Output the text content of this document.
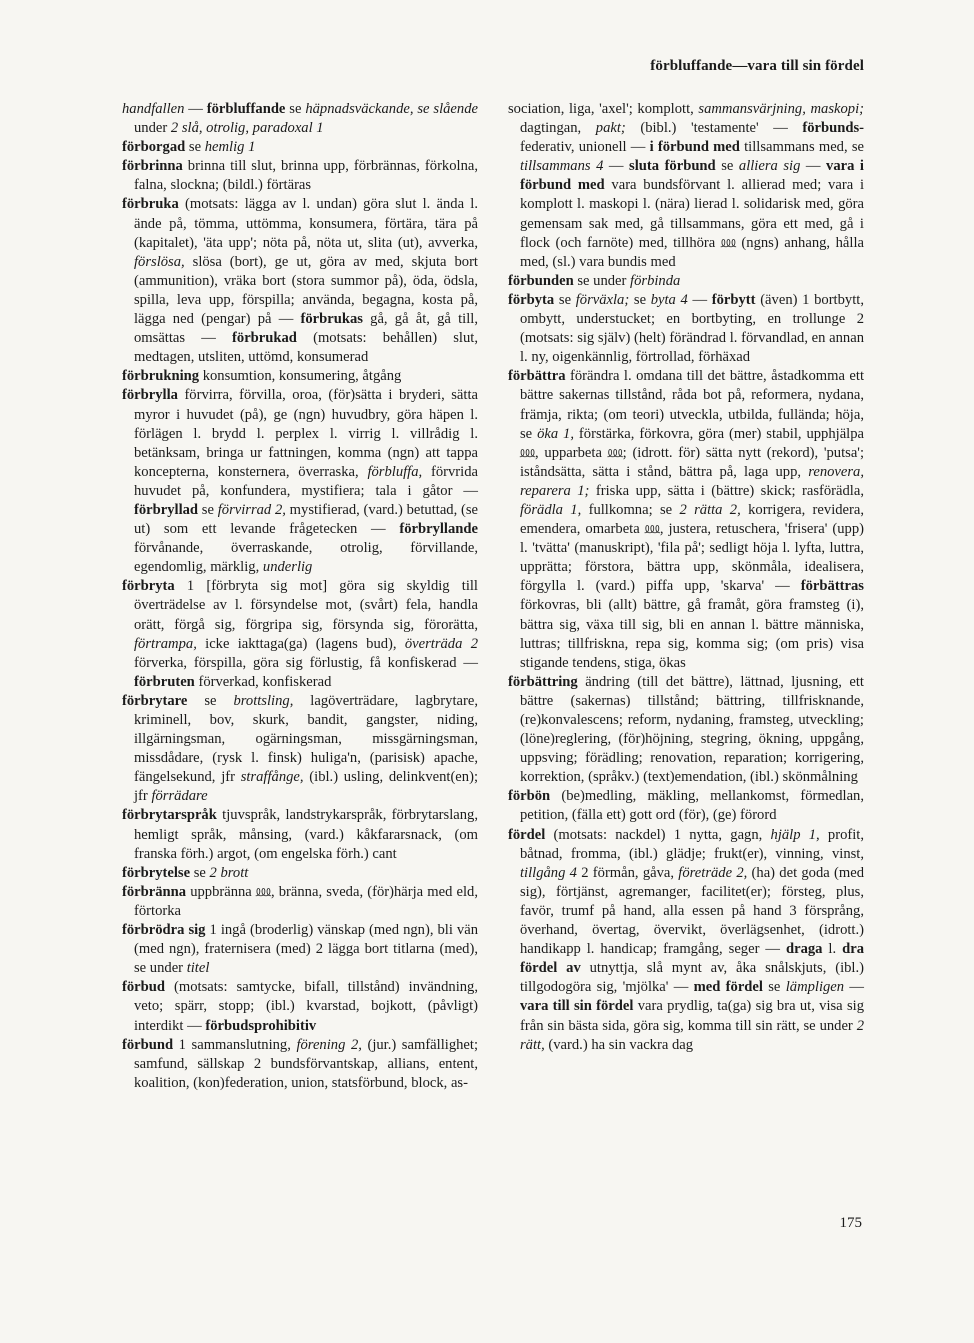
förbluffande—vara till sin fördel

handfallen — förbluffande se häpnadsväckande, se slående under 2 slå, otrolig, paradoxal 1

förborgad se hemlig 1

förbrinna brinna till slut, brinna upp, förbrännas, förkolna, falna, slockna; (bildl.) förtäras

förbruka (motsats: lägga av l. undan) göra slut l. ända l. ände på, tömma, uttömma, konsumera, förtära, tära på (kapitalet), 'äta upp'; nöta på, nöta ut, slita (ut), avverka, förslösa, slösa (bort), ge ut, göra av med, skjuta bort (ammunition), vräka bort (stora summor på), öda, ödsla, spilla, leva upp, förspilla; använda, begagna, kosta på, lägga ned (pengar) på — förbrukas gå, gå åt, gå till, omsättas — förbrukad (motsats: behållen) slut, medtagen, utsliten, uttömd, konsumerad

förbrukning konsumtion, konsumering, åtgång

förbrylla förvirra, förvilla, oroa, (för)sätta i bryderi, sätta myror i huvudet (på), ge (ngn) huvudbry, göra häpen l. förlägen l. brydd l. perplex l. virrig l. villrådig l. betänksam, bringa ur fattningen, komma (ngn) att tappa koncepterna, konsternera, överraska, förbluffa, förvrida huvudet på, konfundera, mystifiera; tala i gåtor — förbryllad se förvirrad 2, mystifierad, (vard.) betuttad, (se ut) som ett levande frågetecken — förbryllande förvånande, överraskande, otrolig, förvillande, egendomlig, märklig, underlig

förbryta 1 [förbryta sig mot] göra sig skyldig till överträdelse av l. försyndelse mot, (svårt) fela, handla orätt, förgå sig, förgripa sig, försynda sig, förorätta, förtrampa, icke iakttaga(ga) (lagens bud), överträda 2 förverka, förspilla, göra sig förlustig, få konfiskerad — förbruten förverkad, konfiskerad

förbrytare se brottsling, lagöverträdare, lagbrytare, kriminell, bov, skurk, bandit, gangster, niding, illgärningsman, ogärningsman, missgärningsman, missdådare, (rysk l. finsk) huliga'n, (parisisk) apache, fängelsekund, jfr straffånge, (ibl.) usling, delinkvent(en); jfr förrädare

förbrytarspråk tjuvspråk, landstrykarspråk, förbrytarslang, hemligt språk, månsing, (vard.) kåkfararsnack, (om franska förh.) argot, (om engelska förh.) cant

förbrytelse se 2 brott

förbränna uppbränna ⅏, bränna, sveda, (för)härja med eld, förtorka

förbrödra sig 1 ingå (broderlig) vänskap (med ngn), bli vän (med ngn), fraternisera (med) 2 lägga bort titlarna (med), se under titel

förbud (motsats: samtycke, bifall, tillstånd) invändning, veto; spärr, stopp; (ibl.) kvarstad, bojkott, (påvligt) interdikt — förbudsprohibitiv

förbund 1 sammanslutning, förening 2, (jur.) samfällighet; samfund, sällskap 2 bundsförvantskap, allians, entent, koalition, (kon)federation, union, statsförbund, block, as-

sociation, liga, 'axel'; komplott, sammansvärjning, maskopi; dagtingan, pakt; (bibl.) 'testamente' — förbunds- federativ, unionell — i förbund med tillsammans med, se tillsammans 4 — sluta förbund se alliera sig — vara i förbund med vara bundsförvant l. allierad med; vara i komplott l. maskopi l. (nära) lierad l. solidarisk med, göra gemensam sak med, gå tillsammans, göra ett med, gå i flock (och farnöte) med, tillhöra ⅏ (ngns) anhang, hålla med, (sl.) vara bundis med

förbunden se under förbinda

förbyta se förväxla; se byta 4 — förbytt (även) 1 bortbytt, ombytt, understucket; en bortbyting, en trollunge 2 (motsats: sig själv) (helt) förändrad l. förvandlad, en annan l. ny, oigenkännlig, förtrollad, förhäxad

förbättra förändra l. omdana till det bättre, åstadkomma ett bättre sakernas tillstånd, råda bot på, reformera, nydana, främja, rikta; (om teori) utveckla, utbilda, fulländа; höja, se öka 1, förstärka, förkovra, göra (mer) stabil, upphjälpa ⅏, upparbeta ⅏; (idrott. för) sätta nytt (rekord), 'putsa'; iståndsätta, sätta i stånd, bättra på, laga upp, renovera, reparera 1; friska upp, sätta i (bättre) skick; rasförädla, förädla 1, fullkomna; se 2 rätta 2, korrigera, revidera, emendera, omarbeta ⅏, justera, retuschera, 'frisera' (upp) l. 'tvätta' (manuskript), 'fila på'; sedligt höja l. lyfta, luttra, upprätta; förstora, bättra upp, skönmåla, idealisera, förgylla l. (vard.) piffa upp, 'skarva' — förbättras förkovras, bli (allt) bättre, gå framåt, göra framsteg (i), bättra sig, växa till sig, bli en annan l. bättre människa, luttras; tillfriskna, repa sig, komma sig; (om pris) visa stigande tendens, stiga, ökas

förbättring ändring (till det bättre), lättnad, ljusning, ett bättre (sakernas) tillstånd; bättring, tillfrisknande, (re)konvalescens; reform, nydaning, framsteg, utveckling; (löne)reglering, (för)höjning, stegring, ökning, uppgång, uppsving; förädling; renovation, reparation; korrigering, korrektion, (språkv.) (text)emendation, (ibl.) skönmålning

förbön (be)medling, mäkling, mellankomst, förmedlan, petition, (fälla ett) gott ord (för), (ge) förord

fördel (motsats: nackdel) 1 nytta, gagn, hjälp 1, profit, båtnad, fromma, (ibl.) glädje; frukt(er), vinning, vinst, tillgång 4 2 förmån, gåva, företräde 2, (ha) det goda (med sig), förtjänst, agremanger, facilitet(er); försteg, plus, favör, trumf på hand, alla essen på hand 3 försprång, överhand, övertag, övervikt, överlägsenhet, (idrott.) handikapp l. handicap; framgång, seger — draga l. dra fördel av utnyttja, slå mynt av, åka snålskjuts, (ibl.) tillgodogöra sig, 'mjölka' — med fördel se lämpligen — vara till sin fördel vara prydlig, ta(ga) sig bra ut, visa sig från sin bästa sida, göra sig, komma till sin rätt, se under 2 rätt, (vard.) ha sin vackra dag

175
